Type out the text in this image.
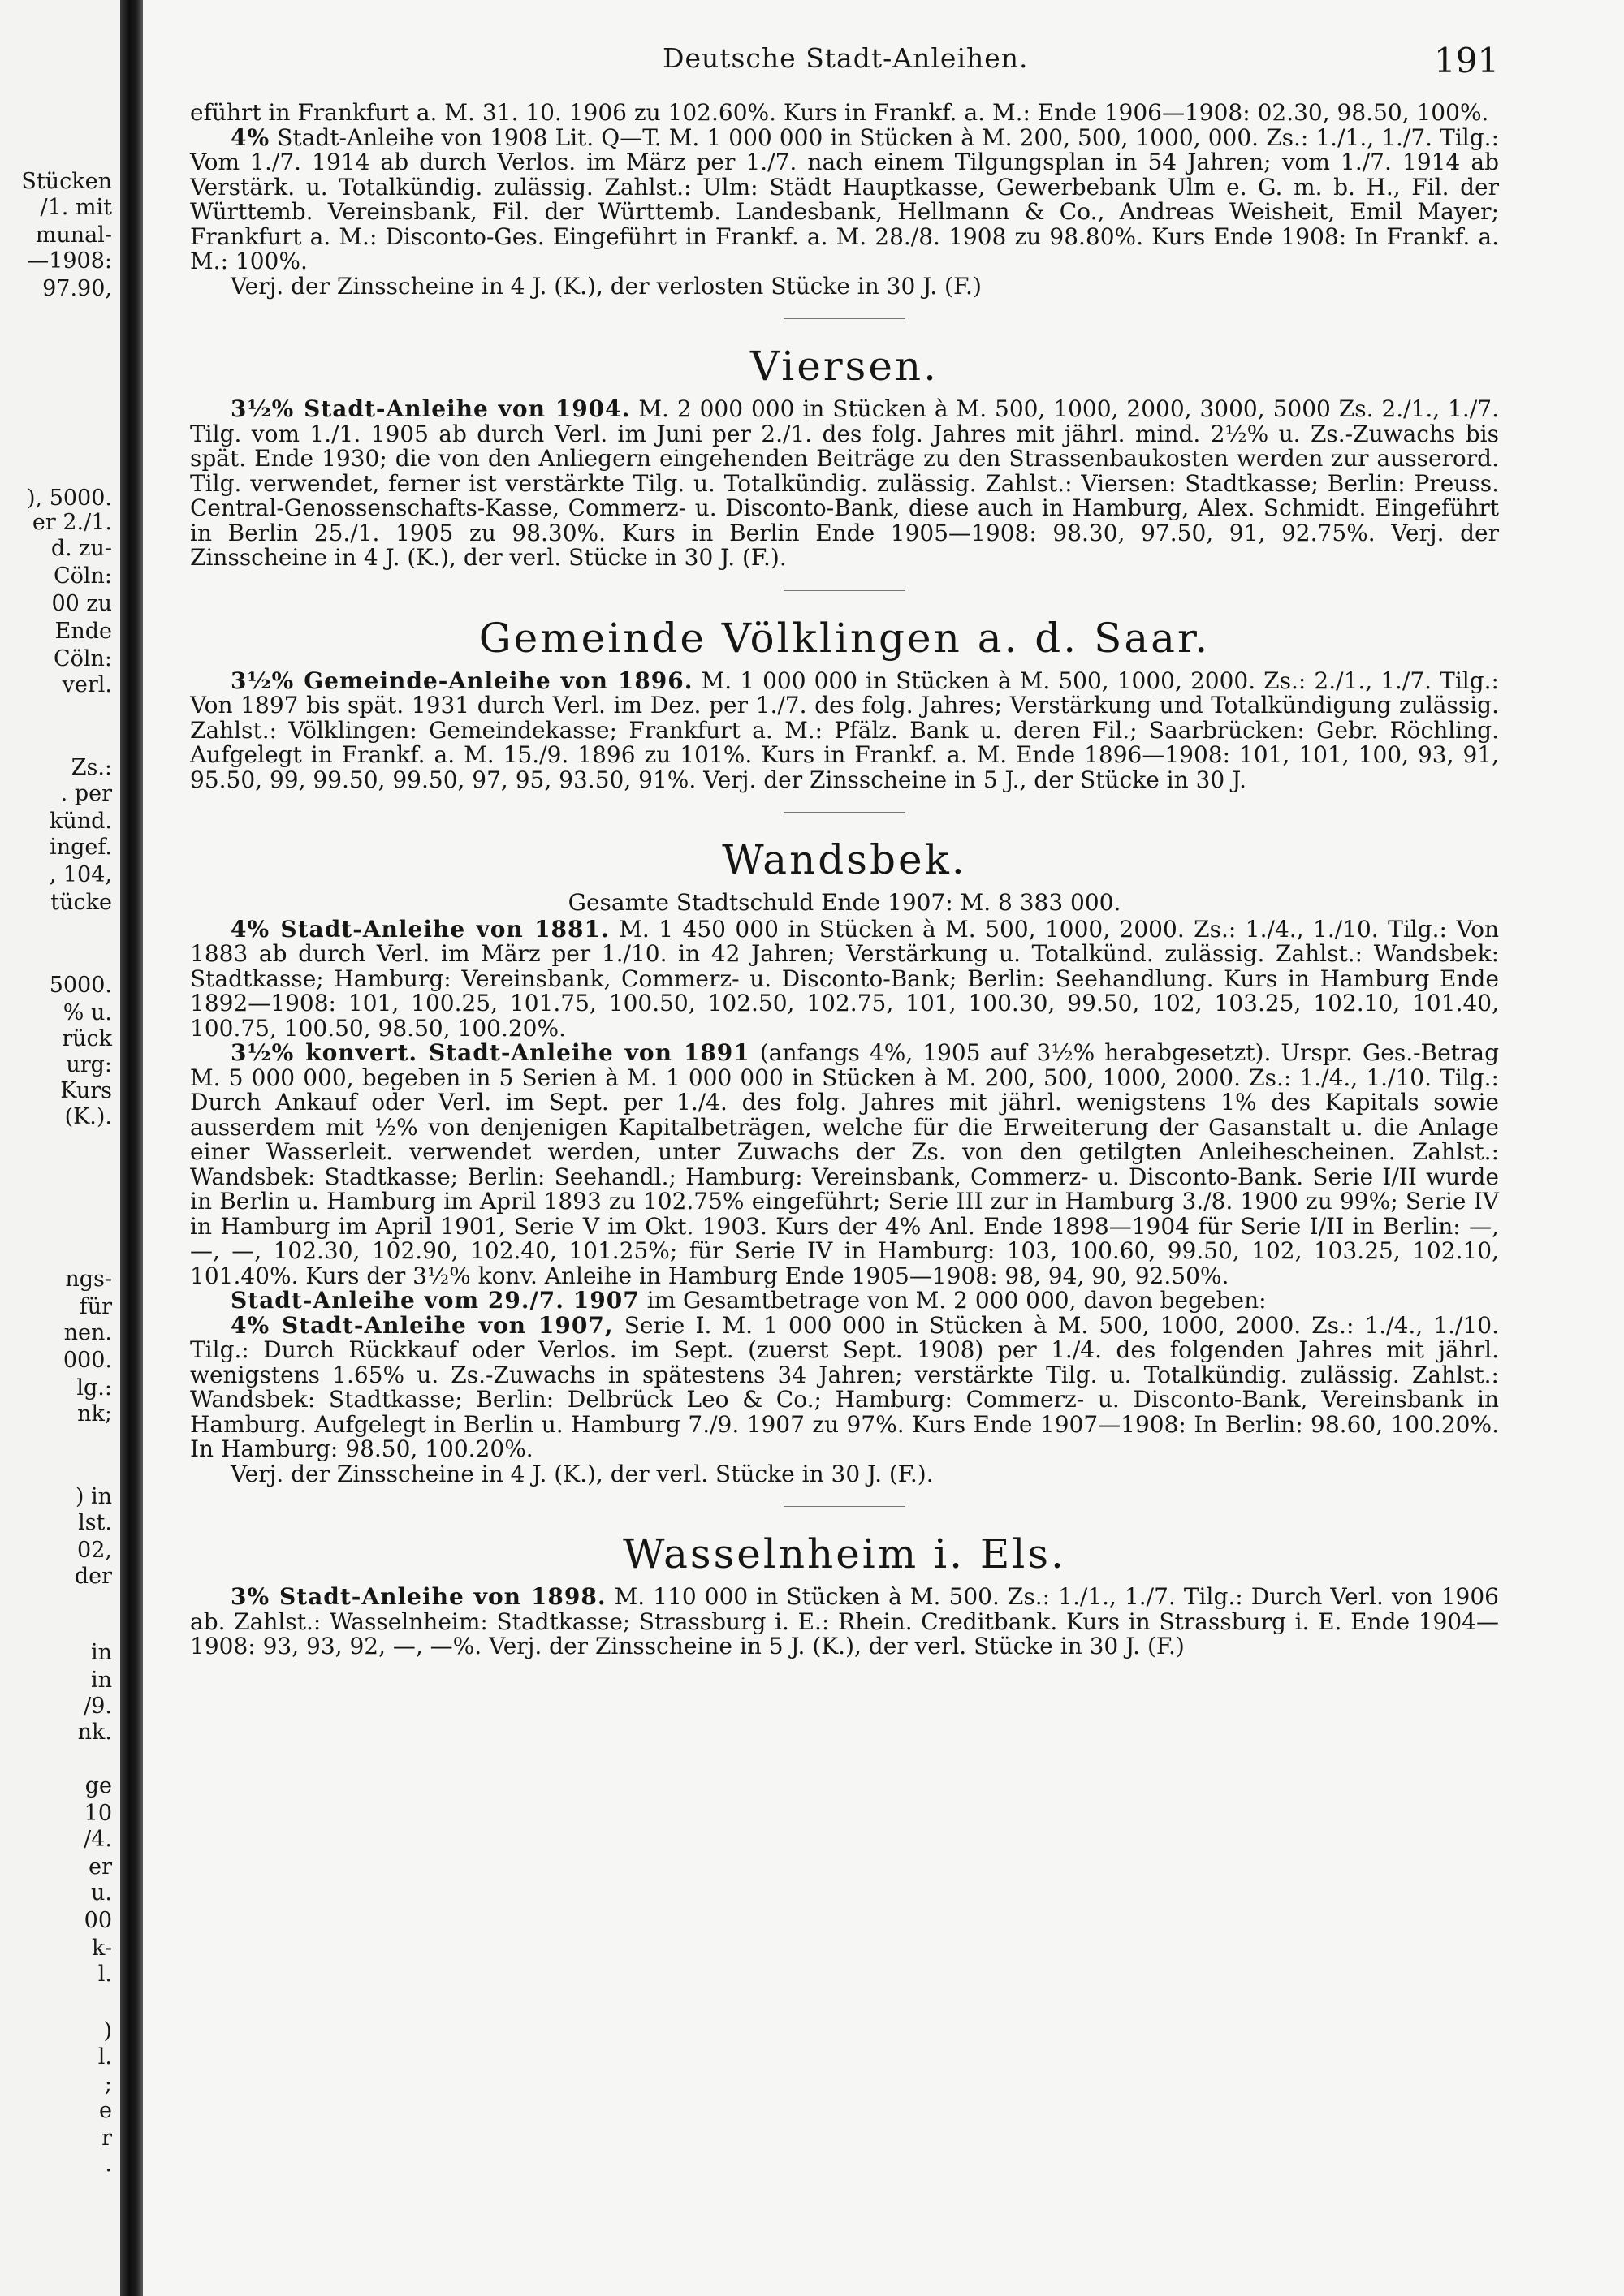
Stücken
/1. mit
munal-
—1908:
97.90,
), 5000.
er 2./1.
d. zu-
Cöln:
00 zu
Ende
Cöln:
verl.
Zs.:
. per
künd.
ingef.
, 104,
tücke
5000.
% u.
rück
urg:
Kurs
(K.).
ngs-
für
nen.
000.
lg.:
nk;
) in
lst.
02,
der
in
in
/9.
nk.
ge
10
/4.
er
u.
00
k-
l.
)
l.
;
e
r
.
Deutsche Stadt-Anleihen.	191

eführt in Frankfurt a. M. 31. 10. 1906 zu 102.60%. Kurs in Frankf. a. M.: Ende 1906—1908: 02.30, 98.50, 100%.

4% Stadt-Anleihe von 1908 Lit. Q—T. M. 1 000 000 in Stücken à M. 200, 500, 1000, 000. Zs.: 1./1., 1./7. Tilg.: Vom 1./7. 1914 ab durch Verlos. im März per 1./7. nach einem Tilgungsplan in 54 Jahren; vom 1./7. 1914 ab Verstärk. u. Totalkündig. zulässig. Zahlst.: Ulm: Städt Hauptkasse, Gewerbebank Ulm e. G. m. b. H., Fil. der Württemb. Vereinsbank, Fil. der Württemb. Landesbank, Hellmann & Co., Andreas Weisheit, Emil Mayer; Frankfurt a. M.: Disconto-Ges. Eingeführt in Frankf. a. M. 28./8. 1908 zu 98.80%. Kurs Ende 1908: In Frankf. a. M.: 100%.

Verj. der Zinsscheine in 4 J. (K.), der verlosten Stücke in 30 J. (F.)

Viersen.

3½% Stadt-Anleihe von 1904. M. 2 000 000 in Stücken à M. 500, 1000, 2000, 3000, 5000 Zs. 2./1., 1./7. Tilg. vom 1./1. 1905 ab durch Verl. im Juni per 2./1. des folg. Jahres mit jährl. mind. 2½% u. Zs.-Zuwachs bis spät. Ende 1930; die von den Anliegern eingehenden Beiträge zu den Strassenbaukosten werden zur ausserord. Tilg. verwendet, ferner ist verstärkte Tilg. u. Totalkündig. zulässig. Zahlst.: Viersen: Stadtkasse; Berlin: Preuss. Central-Genossenschafts-Kasse, Commerz- u. Disconto-Bank, diese auch in Hamburg, Alex. Schmidt. Eingeführt in Berlin 25./1. 1905 zu 98.30%. Kurs in Berlin Ende 1905—1908: 98.30, 97.50, 91, 92.75%. Verj. der Zinsscheine in 4 J. (K.), der verl. Stücke in 30 J. (F.).

Gemeinde Völklingen a. d. Saar.

3½% Gemeinde-Anleihe von 1896. M. 1 000 000 in Stücken à M. 500, 1000, 2000. Zs.: 2./1., 1./7. Tilg.: Von 1897 bis spät. 1931 durch Verl. im Dez. per 1./7. des folg. Jahres; Verstärkung und Totalkündigung zulässig. Zahlst.: Völklingen: Gemeindekasse; Frankfurt a. M.: Pfälz. Bank u. deren Fil.; Saarbrücken: Gebr. Röchling. Aufgelegt in Frankf. a. M. 15./9. 1896 zu 101%. Kurs in Frankf. a. M. Ende 1896—1908: 101, 101, 100, 93, 91, 95.50, 99, 99.50, 99.50, 97, 95, 93.50, 91%. Verj. der Zinsscheine in 5 J., der Stücke in 30 J.

Wandsbek.
Gesamte Stadtschuld Ende 1907: M. 8 383 000.

4% Stadt-Anleihe von 1881. M. 1 450 000 in Stücken à M. 500, 1000, 2000. Zs.: 1./4., 1./10. Tilg.: Von 1883 ab durch Verl. im März per 1./10. in 42 Jahren; Verstärkung u. Totalkünd. zulässig. Zahlst.: Wandsbek: Stadtkasse; Hamburg: Vereinsbank, Commerz- u. Disconto-Bank; Berlin: Seehandlung. Kurs in Hamburg Ende 1892—1908: 101, 100.25, 101.75, 100.50, 102.50, 102.75, 101, 100.30, 99.50, 102, 103.25, 102.10, 101.40, 100.75, 100.50, 98.50, 100.20%.

3½% konvert. Stadt-Anleihe von 1891 (anfangs 4%, 1905 auf 3½% herabgesetzt). Urspr. Ges.-Betrag M. 5 000 000, begeben in 5 Serien à M. 1 000 000 in Stücken à M. 200, 500, 1000, 2000. Zs.: 1./4., 1./10. Tilg.: Durch Ankauf oder Verl. im Sept. per 1./4. des folg. Jahres mit jährl. wenigstens 1% des Kapitals sowie ausserdem mit ½% von denjenigen Kapitalbeträgen, welche für die Erweiterung der Gasanstalt u. die Anlage einer Wasserleit. verwendet werden, unter Zuwachs der Zs. von den getilgten Anleihescheinen. Zahlst.: Wandsbek: Stadtkasse; Berlin: Seehandl.; Hamburg: Vereinsbank, Commerz- u. Disconto-Bank. Serie I/II wurde in Berlin u. Hamburg im April 1893 zu 102.75% eingeführt; Serie III zur in Hamburg 3./8. 1900 zu 99%; Serie IV in Hamburg im April 1901, Serie V im Okt. 1903. Kurs der 4% Anl. Ende 1898—1904 für Serie I/II in Berlin: —, —, —, 102.30, 102.90, 102.40, 101.25%; für Serie IV in Hamburg: 103, 100.60, 99.50, 102, 103.25, 102.10, 101.40%. Kurs der 3½% konv. Anleihe in Hamburg Ende 1905—1908: 98, 94, 90, 92.50%.

Stadt-Anleihe vom 29./7. 1907 im Gesamtbetrage von M. 2 000 000, davon begeben:

4% Stadt-Anleihe von 1907, Serie I. M. 1 000 000 in Stücken à M. 500, 1000, 2000. Zs.: 1./4., 1./10. Tilg.: Durch Rückkauf oder Verlos. im Sept. (zuerst Sept. 1908) per 1./4. des folgenden Jahres mit jährl. wenigstens 1.65% u. Zs.-Zuwachs in spätestens 34 Jahren; verstärkte Tilg. u. Totalkündig. zulässig. Zahlst.: Wandsbek: Stadtkasse; Berlin: Delbrück Leo & Co.; Hamburg: Commerz- u. Disconto-Bank, Vereinsbank in Hamburg. Aufgelegt in Berlin u. Hamburg 7./9. 1907 zu 97%. Kurs Ende 1907—1908: In Berlin: 98.60, 100.20%. In Hamburg: 98.50, 100.20%.

Verj. der Zinsscheine in 4 J. (K.), der verl. Stücke in 30 J. (F.).

Wasselnheim i. Els.

3% Stadt-Anleihe von 1898. M. 110 000 in Stücken à M. 500. Zs.: 1./1., 1./7. Tilg.: Durch Verl. von 1906 ab. Zahlst.: Wasselnheim: Stadtkasse; Strassburg i. E.: Rhein. Creditbank. Kurs in Strassburg i. E. Ende 1904—1908: 93, 93, 92, —, —%. Verj. der Zinsscheine in 5 J. (K.), der verl. Stücke in 30 J. (F.)
